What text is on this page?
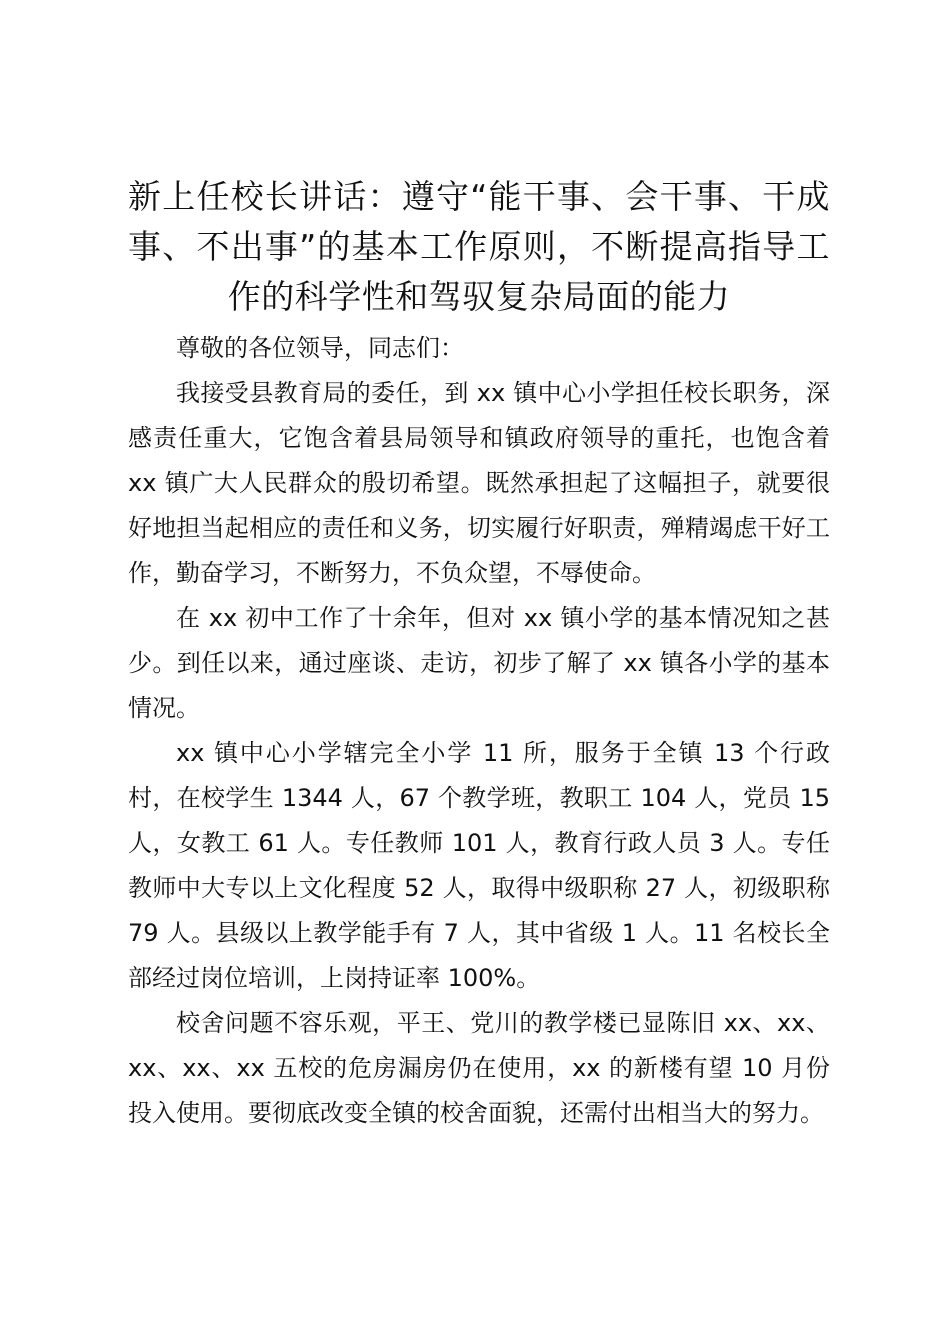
新上任校长讲话：遵守“能干事、会干事、干成事、不出事”的基本工作原则，不断提高指导工作的科学性和驾驭复杂局面的能力

尊敬的各位领导，同志们：

我接受县教育局的委任，到 xx 镇中心小学担任校长职务，深感责任重大，它饱含着县局领导和镇政府领导的重托，也饱含着 xx 镇广大人民群众的殷切希望。既然承担起了这幅担子，就要很好地担当起相应的责任和义务，切实履行好职责，殚精竭虑干好工作，勤奋学习，不断努力，不负众望，不辱使命。

在 xx 初中工作了十余年，但对 xx 镇小学的基本情况知之甚少。到任以来，通过座谈、走访，初步了解了 xx 镇各小学的基本情况。

xx 镇中心小学辖完全小学 11 所，服务于全镇 13 个行政村，在校学生 1344 人，67 个教学班，教职工 104 人，党员 15 人，女教工 61 人。专任教师 101 人，教育行政人员 3 人。专任教师中大专以上文化程度 52 人，取得中级职称 27 人，初级职称 79 人。县级以上教学能手有 7 人，其中省级 1 人。11 名校长全部经过岗位培训，上岗持证率 100%。

校舍问题不容乐观，平王、党川的教学楼已显陈旧 xx、xx、xx、xx、xx 五校的危房漏房仍在使用，xx 的新楼有望 10 月份投入使用。要彻底改变全镇的校舍面貌，还需付出相当大的努力。
